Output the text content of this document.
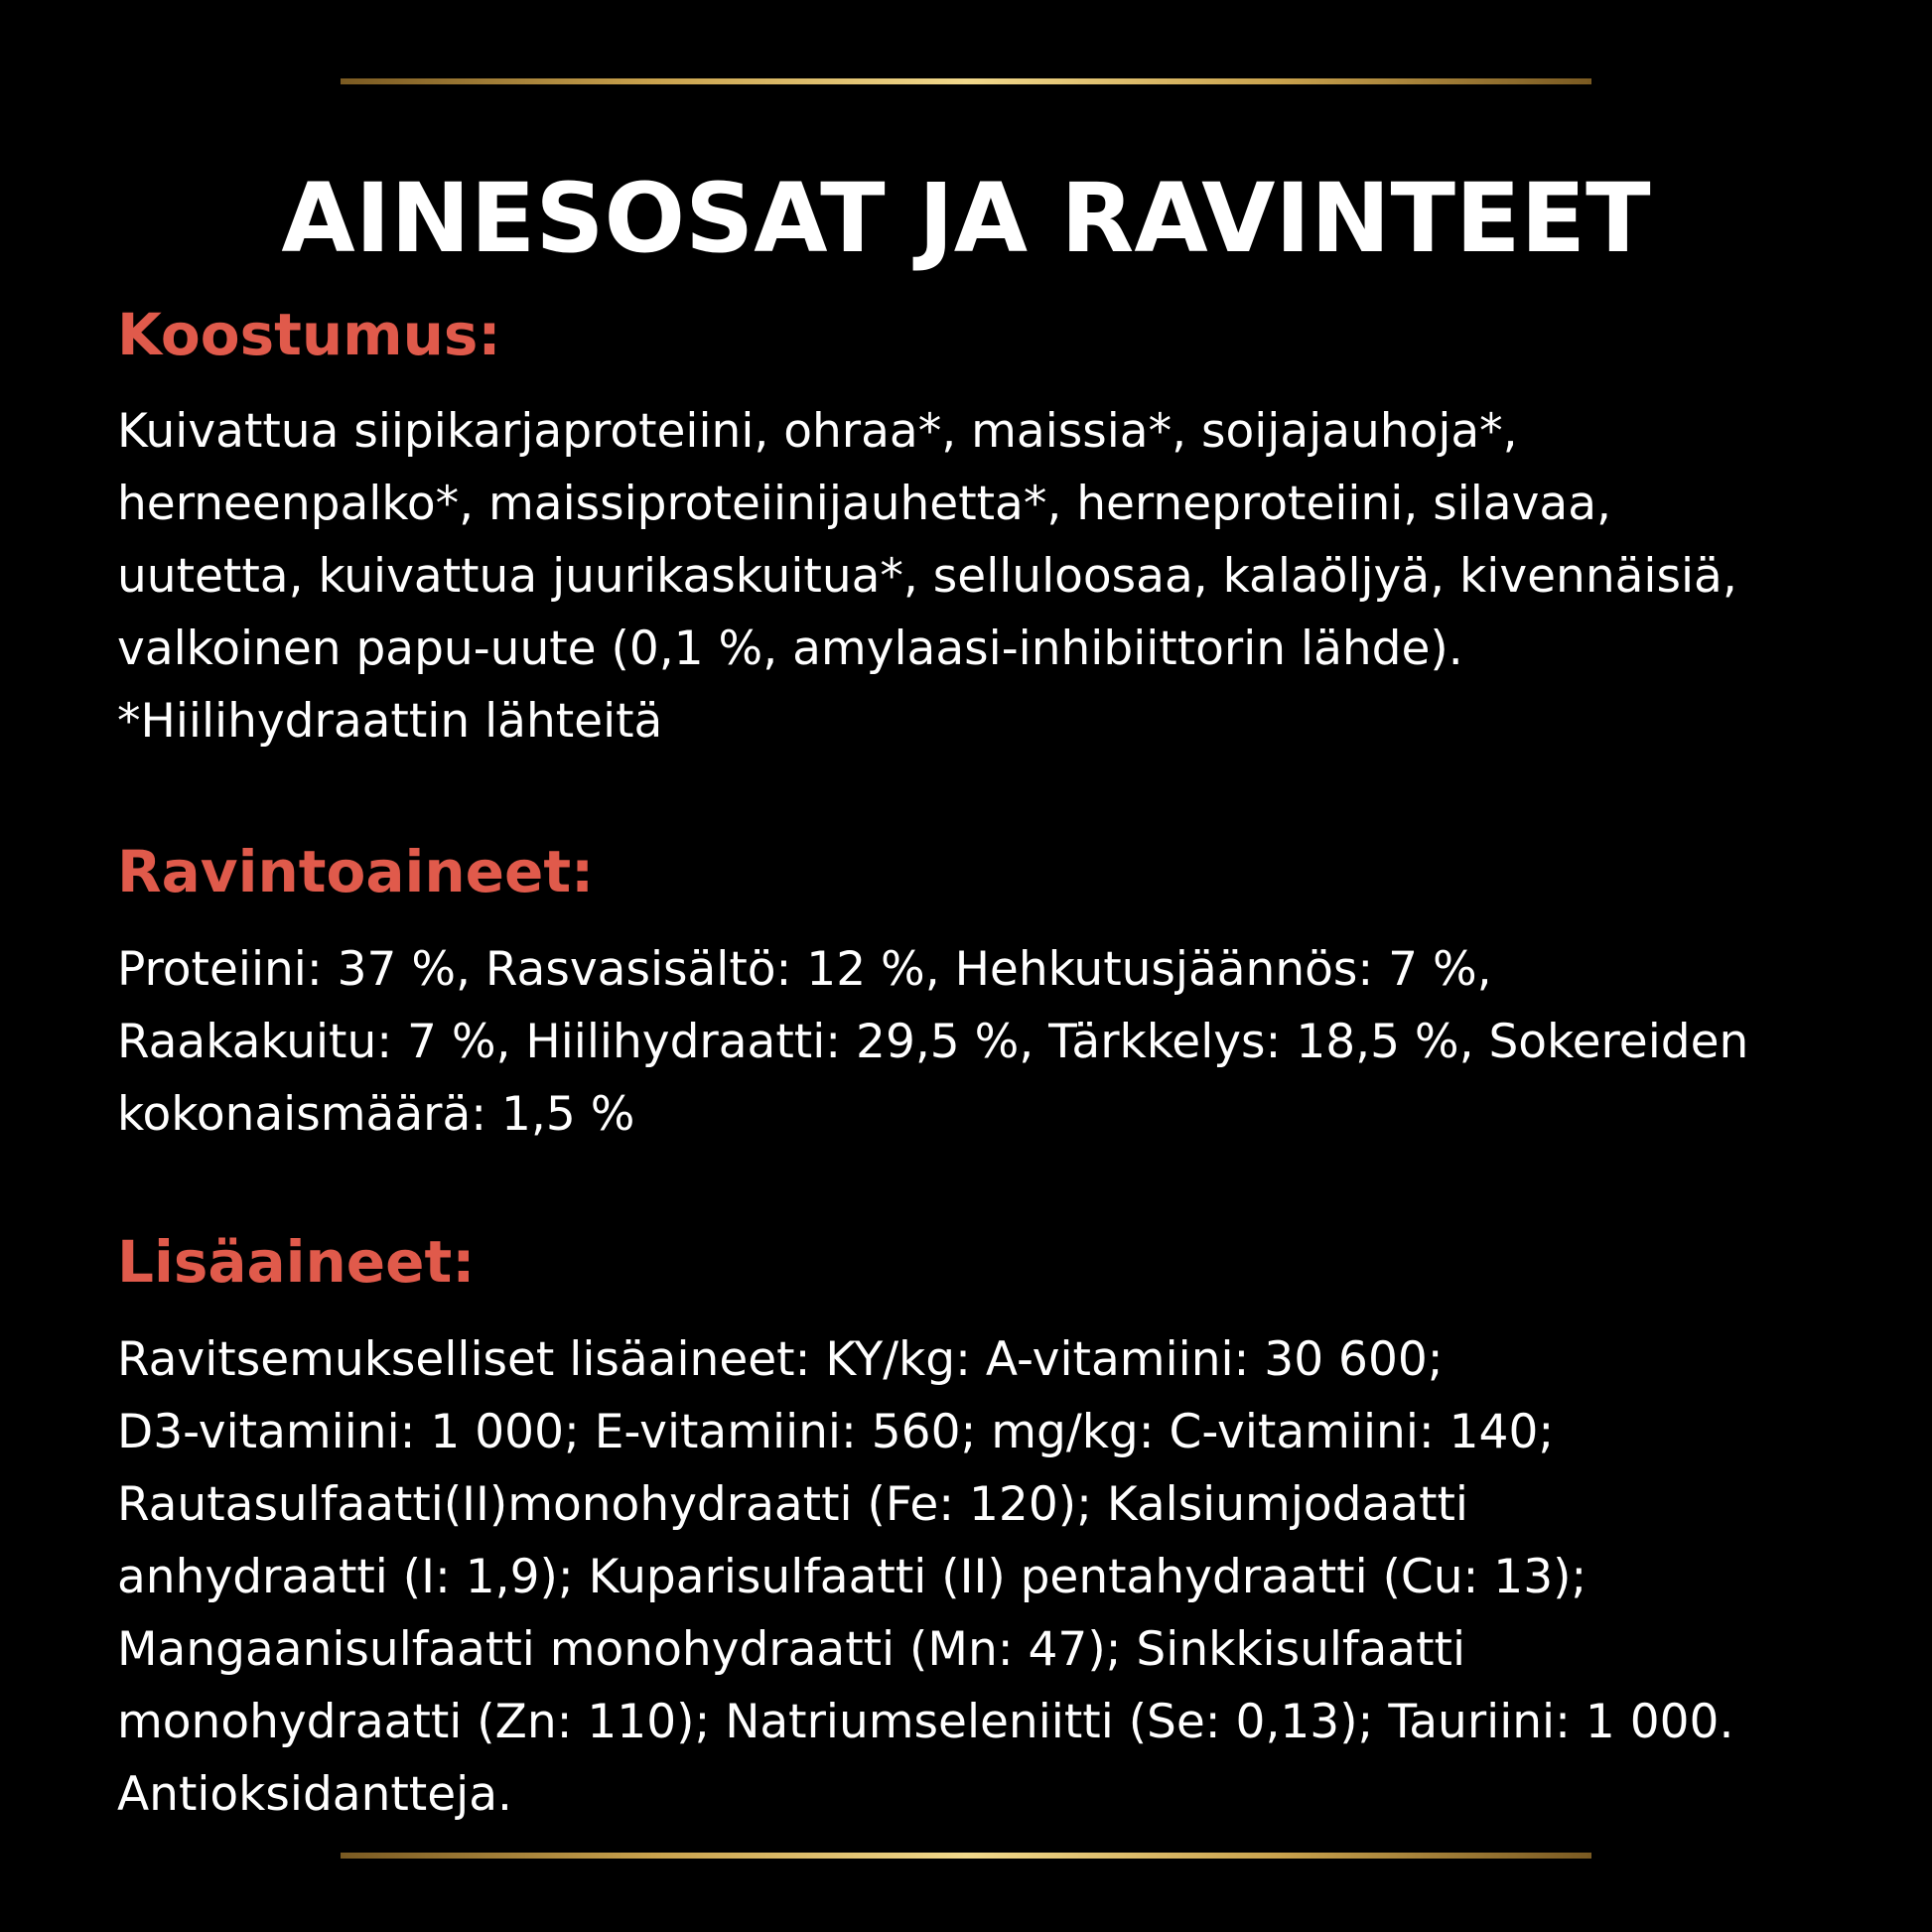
AINESOSAT JA RAVINTEET
Koostumus:
Kuivattua siipikarjaproteiini, ohraa*, maissia*, soijajauhoja*,
herneenpalko*, maissiproteiinijauhetta*, herneproteiini, silavaa,
uutetta, kuivattua juurikaskuitua*, selluloosaa, kalaöljyä, kivennäisiä,
valkoinen papu-uute (0,1 %, amylaasi-inhibiittorin lähde).
*Hiilihydraattin lähteitä
Ravintoaineet:
Proteiini: 37 %, Rasvasisältö: 12 %, Hehkutusjäännös: 7 %,
Raakakuitu: 7 %, Hiilihydraatti: 29,5 %, Tärkkelys: 18,5 %, Sokereiden
kokonaismäärä: 1,5 %
Lisäaineet:
Ravitsemukselliset lisäaineet: KY/kg: A-vitamiini: 30 600;
D3-vitamiini: 1 000; E-vitamiini: 560; mg/kg: C-vitamiini: 140;
Rautasulfaatti(II)monohydraatti (Fe: 120); Kalsiumjodaatti
anhydraatti (I: 1,9); Kuparisulfaatti (II) pentahydraatti (Cu: 13);
Mangaanisulfaatti monohydraatti (Mn: 47); Sinkkisulfaatti
monohydraatti (Zn: 110); Natriumseleniitti (Se: 0,13); Tauriini: 1 000.
Antioksidantteja.
